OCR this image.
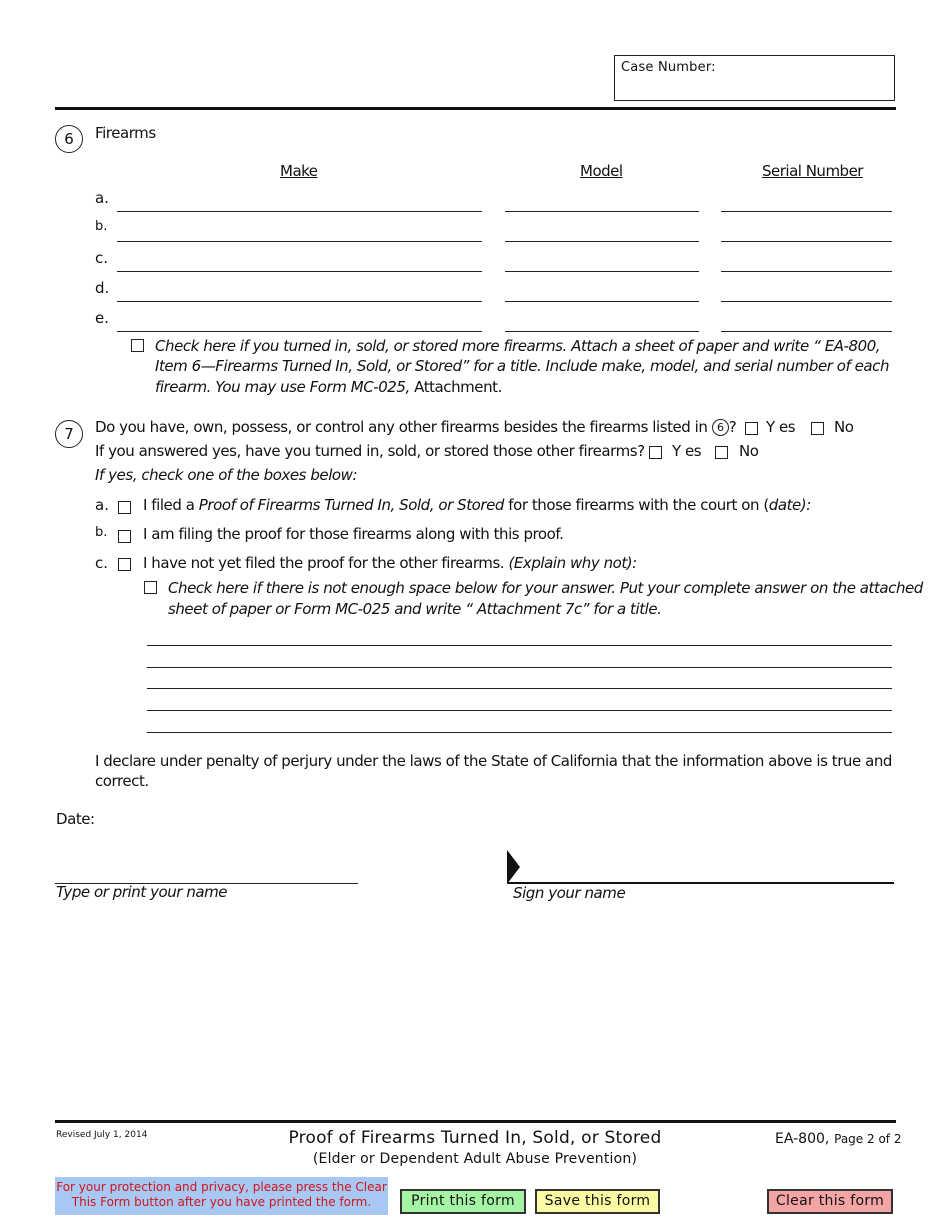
Case Number:
6	Firearms
Make	Model	Serial Number
a.
b.
c.
d.
e.
Check here if you turned in, sold, or stored more firearms. Attach a sheet of paper and write “ EA-800,
Item 6—Firearms Turned In, Sold, or Stored” for a title. Include make, model, and serial number of each
firearm. You may use Form MC-025, Attachment.
7	Do you have, own, possess, or control any other firearms besides the firearms listed in 6 ? Y es	No
If you answered yes, have you turned in, sold, or stored those other firearms? Y es	No
If yes, check one of the boxes below:
a. I filed a Proof of Firearms Turned In, Sold, or Stored for those firearms with the court on (date):
b. I am filing the proof for those firearms along with this proof.
c. I have not yet filed the proof for the other firearms. (Explain why not):
Check here if there is not enough space below for your answer. Put your complete answer on the attached
sheet of paper or Form MC-025 and write “ Attachment 7c” for a title.
I declare under penalty of perjury under the laws of the State of California that the information above is true and
correct.
Date:
Type or print your name	Sign your name
Revised July 1, 2014	Proof of Firearms Turned In, Sold, or Stored
(Elder or Dependent Adult Abuse Prevention)
EA-800, Page 2 of 2
For your protection and privacy, please press the Clear
This Form button after you have printed the form.	Print this form	Save this form	Clear this form
